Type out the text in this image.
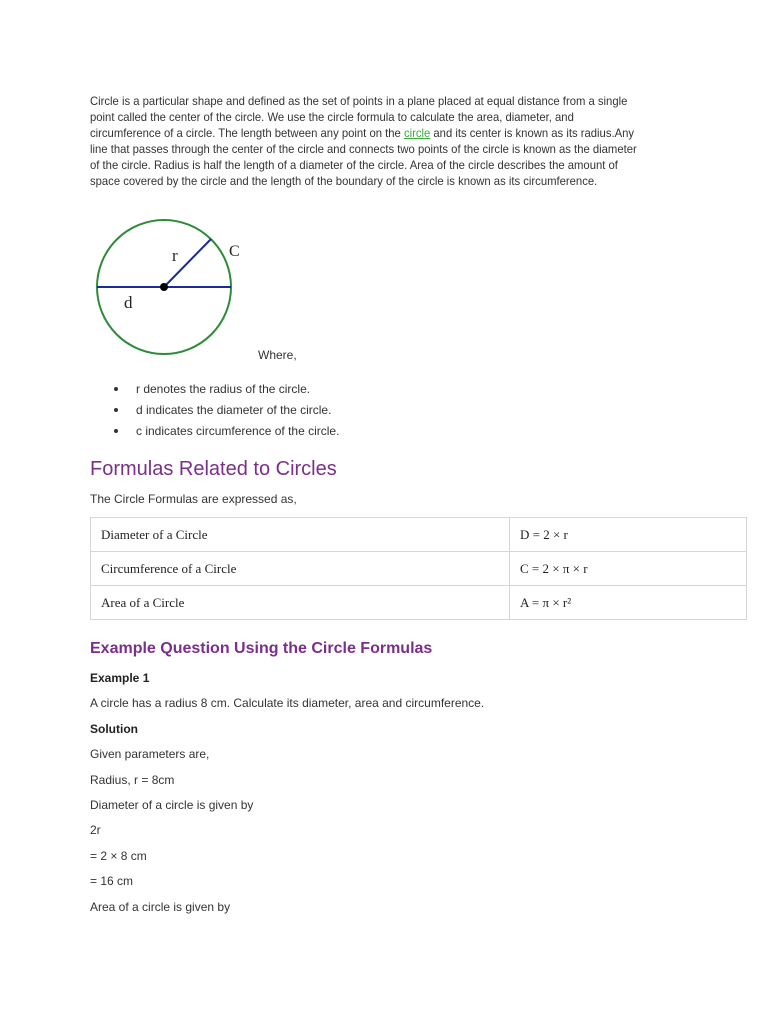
Circle is a particular shape and defined as the set of points in a plane placed at equal distance from a single point called the center of the circle. We use the circle formula to calculate the area, diameter, and circumference of a circle. The length between any point on the circle and its center is known as its radius.Any line that passes through the center of the circle and connects two points of the circle is known as the diameter of the circle. Radius is half the length of a diameter of the circle. Area of the circle describes the amount of space covered by the circle and the length of the boundary of the circle is known as its circumference.

r
d
C
Where,
r denotes the radius of the circle.
d indicates the diameter of the circle.
c indicates circumference of the circle.
Formulas Related to Circles

The Circle Formulas are expressed as,

Diameter of a Circle	D = 2 × r
Circumference of a Circle	C = 2 × π × r
Area of a Circle	A = π × r²
Example Question Using the Circle Formulas
Example 1
A circle has a radius 8 cm. Calculate its diameter, area and circumference.
Solution
Given parameters are,
Radius, r = 8cm
Diameter of a circle is given by
2r
= 2 × 8 cm
= 16 cm
Area of a circle is given by
